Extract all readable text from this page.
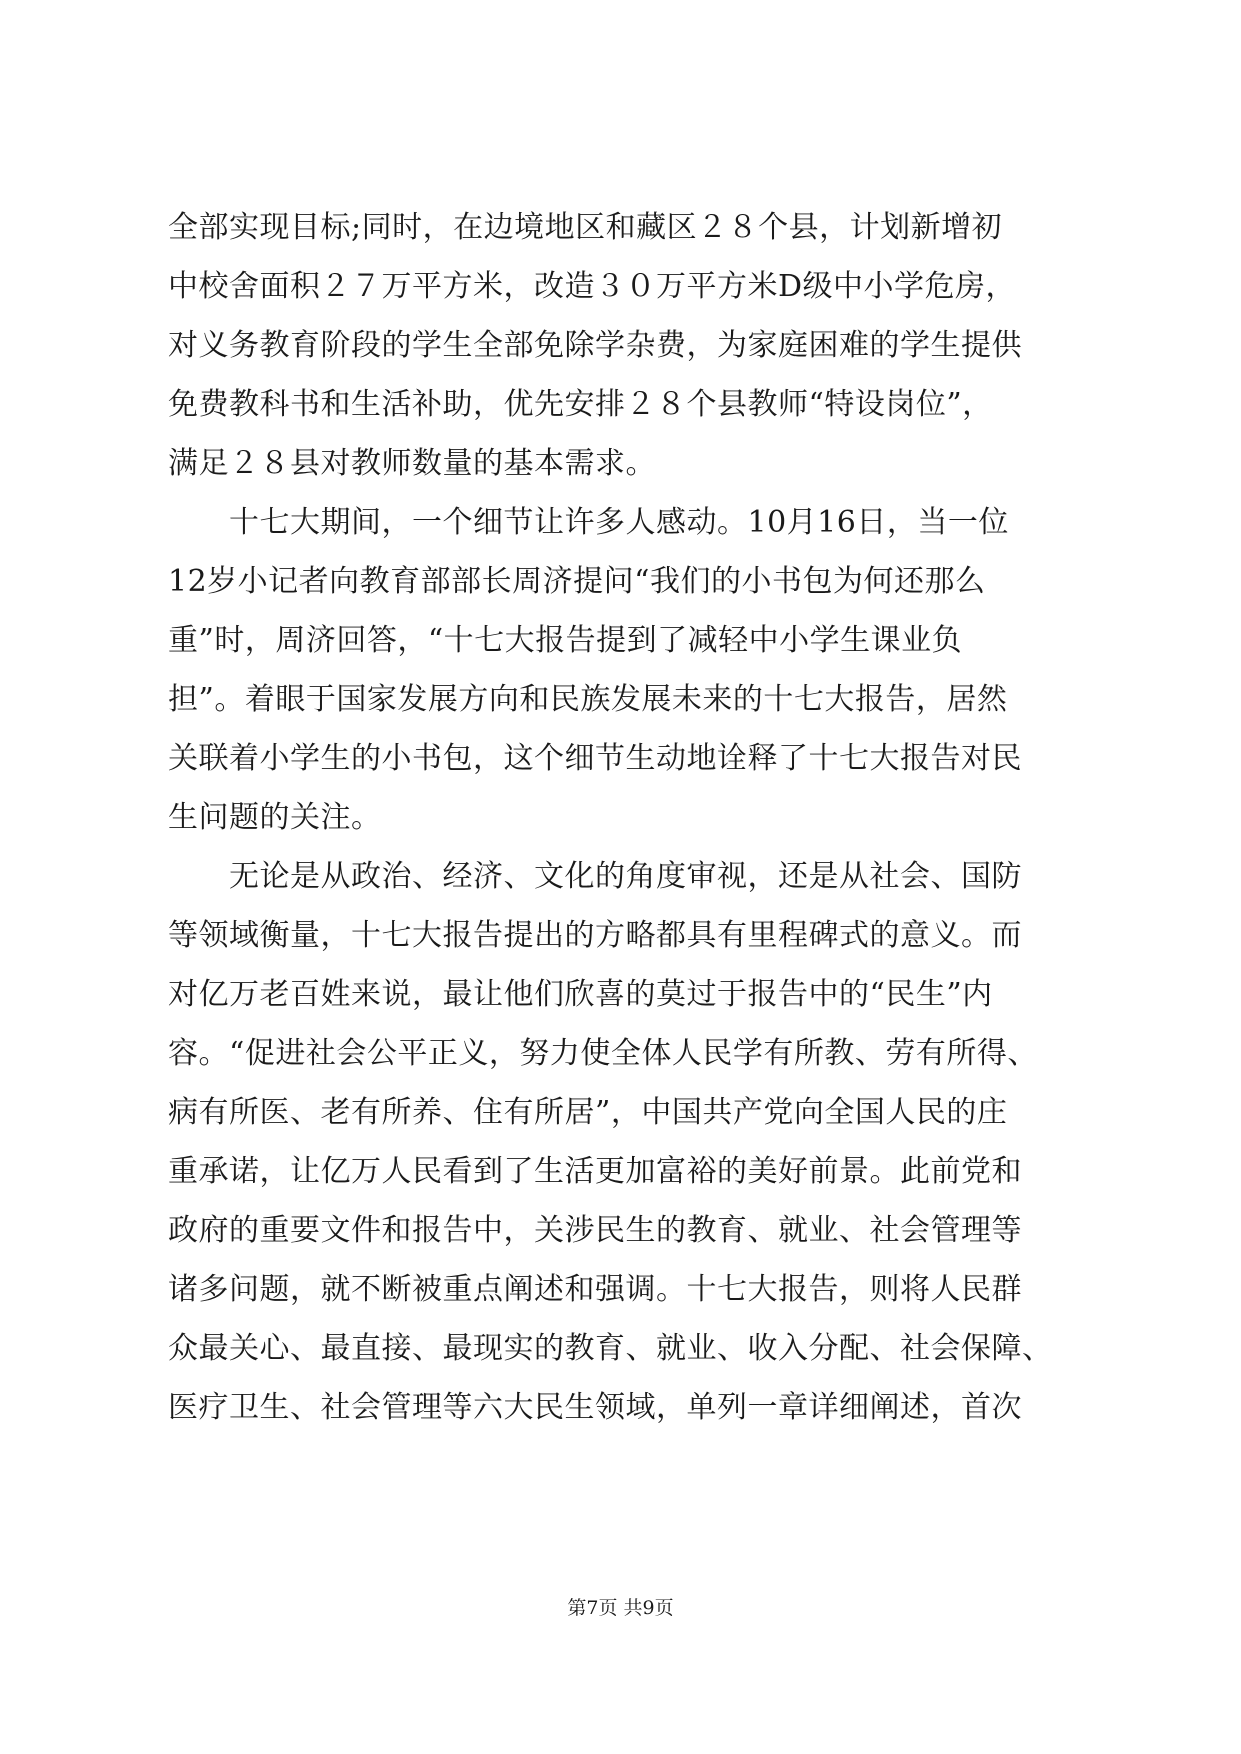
全部实现目标;同时，在边境地区和藏区２８个县，计划新增初
中校舍面积２７万平方米，改造３０万平方米D级中小学危房，
对义务教育阶段的学生全部免除学杂费，为家庭困难的学生提供
免费教科书和生活补助，优先安排２８个县教师“特设岗位”，
满足２８县对教师数量的基本需求。
　　十七大期间，一个细节让许多人感动。10月16日，当一位
12岁小记者向教育部部长周济提问“我们的小书包为何还那么
重”时，周济回答，“十七大报告提到了减轻中小学生课业负
担”。着眼于国家发展方向和民族发展未来的十七大报告，居然
关联着小学生的小书包，这个细节生动地诠释了十七大报告对民
生问题的关注。
　　无论是从政治、经济、文化的角度审视，还是从社会、国防
等领域衡量，十七大报告提出的方略都具有里程碑式的意义。而
对亿万老百姓来说，最让他们欣喜的莫过于报告中的“民生”内
容。“促进社会公平正义，努力使全体人民学有所教、劳有所得、
病有所医、老有所养、住有所居”，中国共产党向全国人民的庄
重承诺，让亿万人民看到了生活更加富裕的美好前景。此前党和
政府的重要文件和报告中，关涉民生的教育、就业、社会管理等
诸多问题，就不断被重点阐述和强调。十七大报告，则将人民群
众最关心、最直接、最现实的教育、就业、收入分配、社会保障、
医疗卫生、社会管理等六大民生领域，单列一章详细阐述，首次
第7页 共9页
